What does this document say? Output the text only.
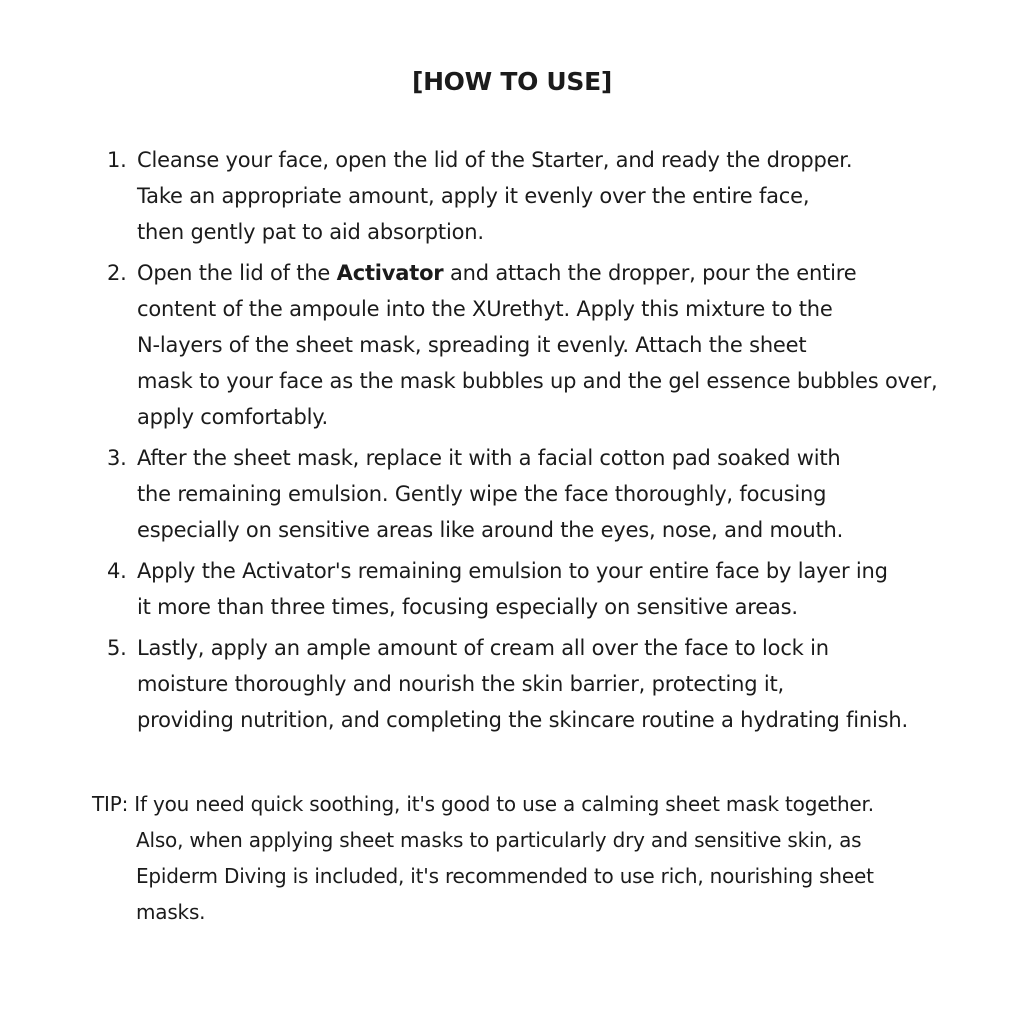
[HOW TO USE]
1. Cleanse your face, open the lid of the Starter, and ready the dropper.
Take an appropriate amount, apply it evenly over the entire face,
then gently pat to aid absorption.
2. Open the lid of the Activator and attach the dropper, pour the entire
content of the ampoule into the XUrethyt. Apply this mixture to the
N-layers of the sheet mask, spreading it evenly. Attach the sheet
mask to your face as the mask bubbles up and the gel essence bubbles over,
apply comfortably.
3. After the sheet mask, replace it with a facial cotton pad soaked with
the remaining emulsion. Gently wipe the face thoroughly, focusing
especially on sensitive areas like around the eyes, nose, and mouth.
4. Apply the Activator's remaining emulsion to your entire face by layer ing
it more than three times, focusing especially on sensitive areas.
5. Lastly, apply an ample amount of cream all over the face to lock in
moisture thoroughly and nourish the skin barrier, protecting it,
providing nutrition, and completing the skincare routine a hydrating finish.
TIP: If you need quick soothing, it's good to use a calming sheet mask together.
Also, when applying sheet masks to particularly dry and sensitive skin, as
Epiderm Diving is included, it's recommended to use rich, nourishing sheet
masks.
